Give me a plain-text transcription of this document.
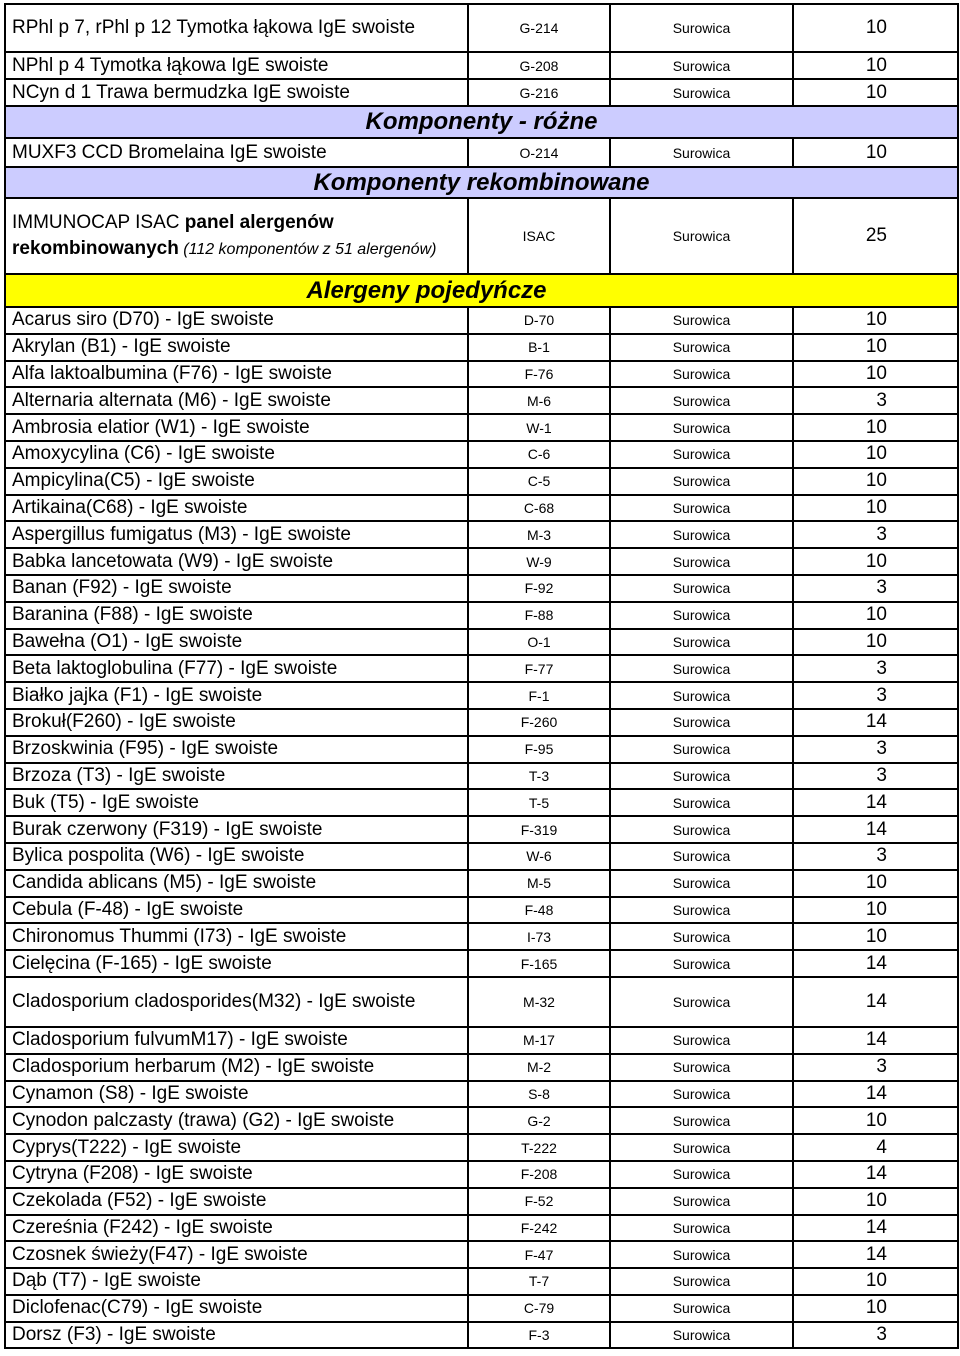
RPhl p 7, rPhl p 12 Tymotka łąkowa IgE swoiste	G-214	Surowica	10
NPhl p 4 Tymotka łąkowa IgE swoiste	G-208	Surowica	10
NCyn d 1 Trawa bermudzka IgE swoiste	G-216	Surowica	10
Komponenty - różne			
MUXF3 CCD Bromelaina IgE swoiste	O-214	Surowica	10
Komponenty rekombinowane			
IMMUNOCAP ISAC panel alergenów rekombinowanych (112 komponentów z 51 alergenów)	ISAC	Surowica	25
Alergeny pojedyńcze			
Acarus siro (D70) - IgE swoiste	D-70	Surowica	10
Akrylan (B1) - IgE swoiste	B-1	Surowica	10
Alfa laktoalbumina (F76) - IgE swoiste	F-76	Surowica	10
Alternaria alternata (M6) - IgE swoiste	M-6	Surowica	3
Ambrosia elatior (W1) - IgE swoiste	W-1	Surowica	10
Amoxycylina (C6) - IgE swoiste	C-6	Surowica	10
Ampicylina(C5) - IgE swoiste	C-5	Surowica	10
Artikaina(C68) - IgE swoiste	C-68	Surowica	10
Aspergillus fumigatus (M3) - IgE swoiste	M-3	Surowica	3
Babka lancetowata (W9) - IgE swoiste	W-9	Surowica	10
Banan (F92) - IgE swoiste	F-92	Surowica	3
Baranina (F88) - IgE swoiste	F-88	Surowica	10
Bawełna (O1) - IgE swoiste	O-1	Surowica	10
Beta laktoglobulina (F77) - IgE swoiste	F-77	Surowica	3
Białko jajka (F1) - IgE swoiste	F-1	Surowica	3
Brokuł(F260) - IgE swoiste	F-260	Surowica	14
Brzoskwinia (F95) - IgE swoiste	F-95	Surowica	3
Brzoza (T3) - IgE swoiste	T-3	Surowica	3
Buk (T5) - IgE swoiste	T-5	Surowica	14
Burak czerwony (F319) - IgE swoiste	F-319	Surowica	14
Bylica pospolita (W6) - IgE swoiste	W-6	Surowica	3
Candida ablicans (M5) - IgE swoiste	M-5	Surowica	10
Cebula (F-48) - IgE swoiste	F-48	Surowica	10
Chironomus Thummi (I73) - IgE swoiste	I-73	Surowica	10
Cielęcina (F-165) - IgE swoiste	F-165	Surowica	14
Cladosporium cladosporides(M32) - IgE swoiste	M-32	Surowica	14
Cladosporium fulvumM17) - IgE swoiste	M-17	Surowica	14
Cladosporium herbarum (M2) - IgE swoiste	M-2	Surowica	3
Cynamon (S8) - IgE swoiste	S-8	Surowica	14
Cynodon palczasty (trawa) (G2) - IgE swoiste	G-2	Surowica	10
Cyprys(T222) - IgE swoiste	T-222	Surowica	4
Cytryna (F208) - IgE swoiste	F-208	Surowica	14
Czekolada (F52) - IgE swoiste	F-52	Surowica	10
Czereśnia (F242) - IgE swoiste	F-242	Surowica	14
Czosnek świeży(F47) - IgE swoiste	F-47	Surowica	14
Dąb (T7) - IgE swoiste	T-7	Surowica	10
Diclofenac(C79) - IgE swoiste	C-79	Surowica	10
Dorsz (F3) - IgE swoiste	F-3	Surowica	3
